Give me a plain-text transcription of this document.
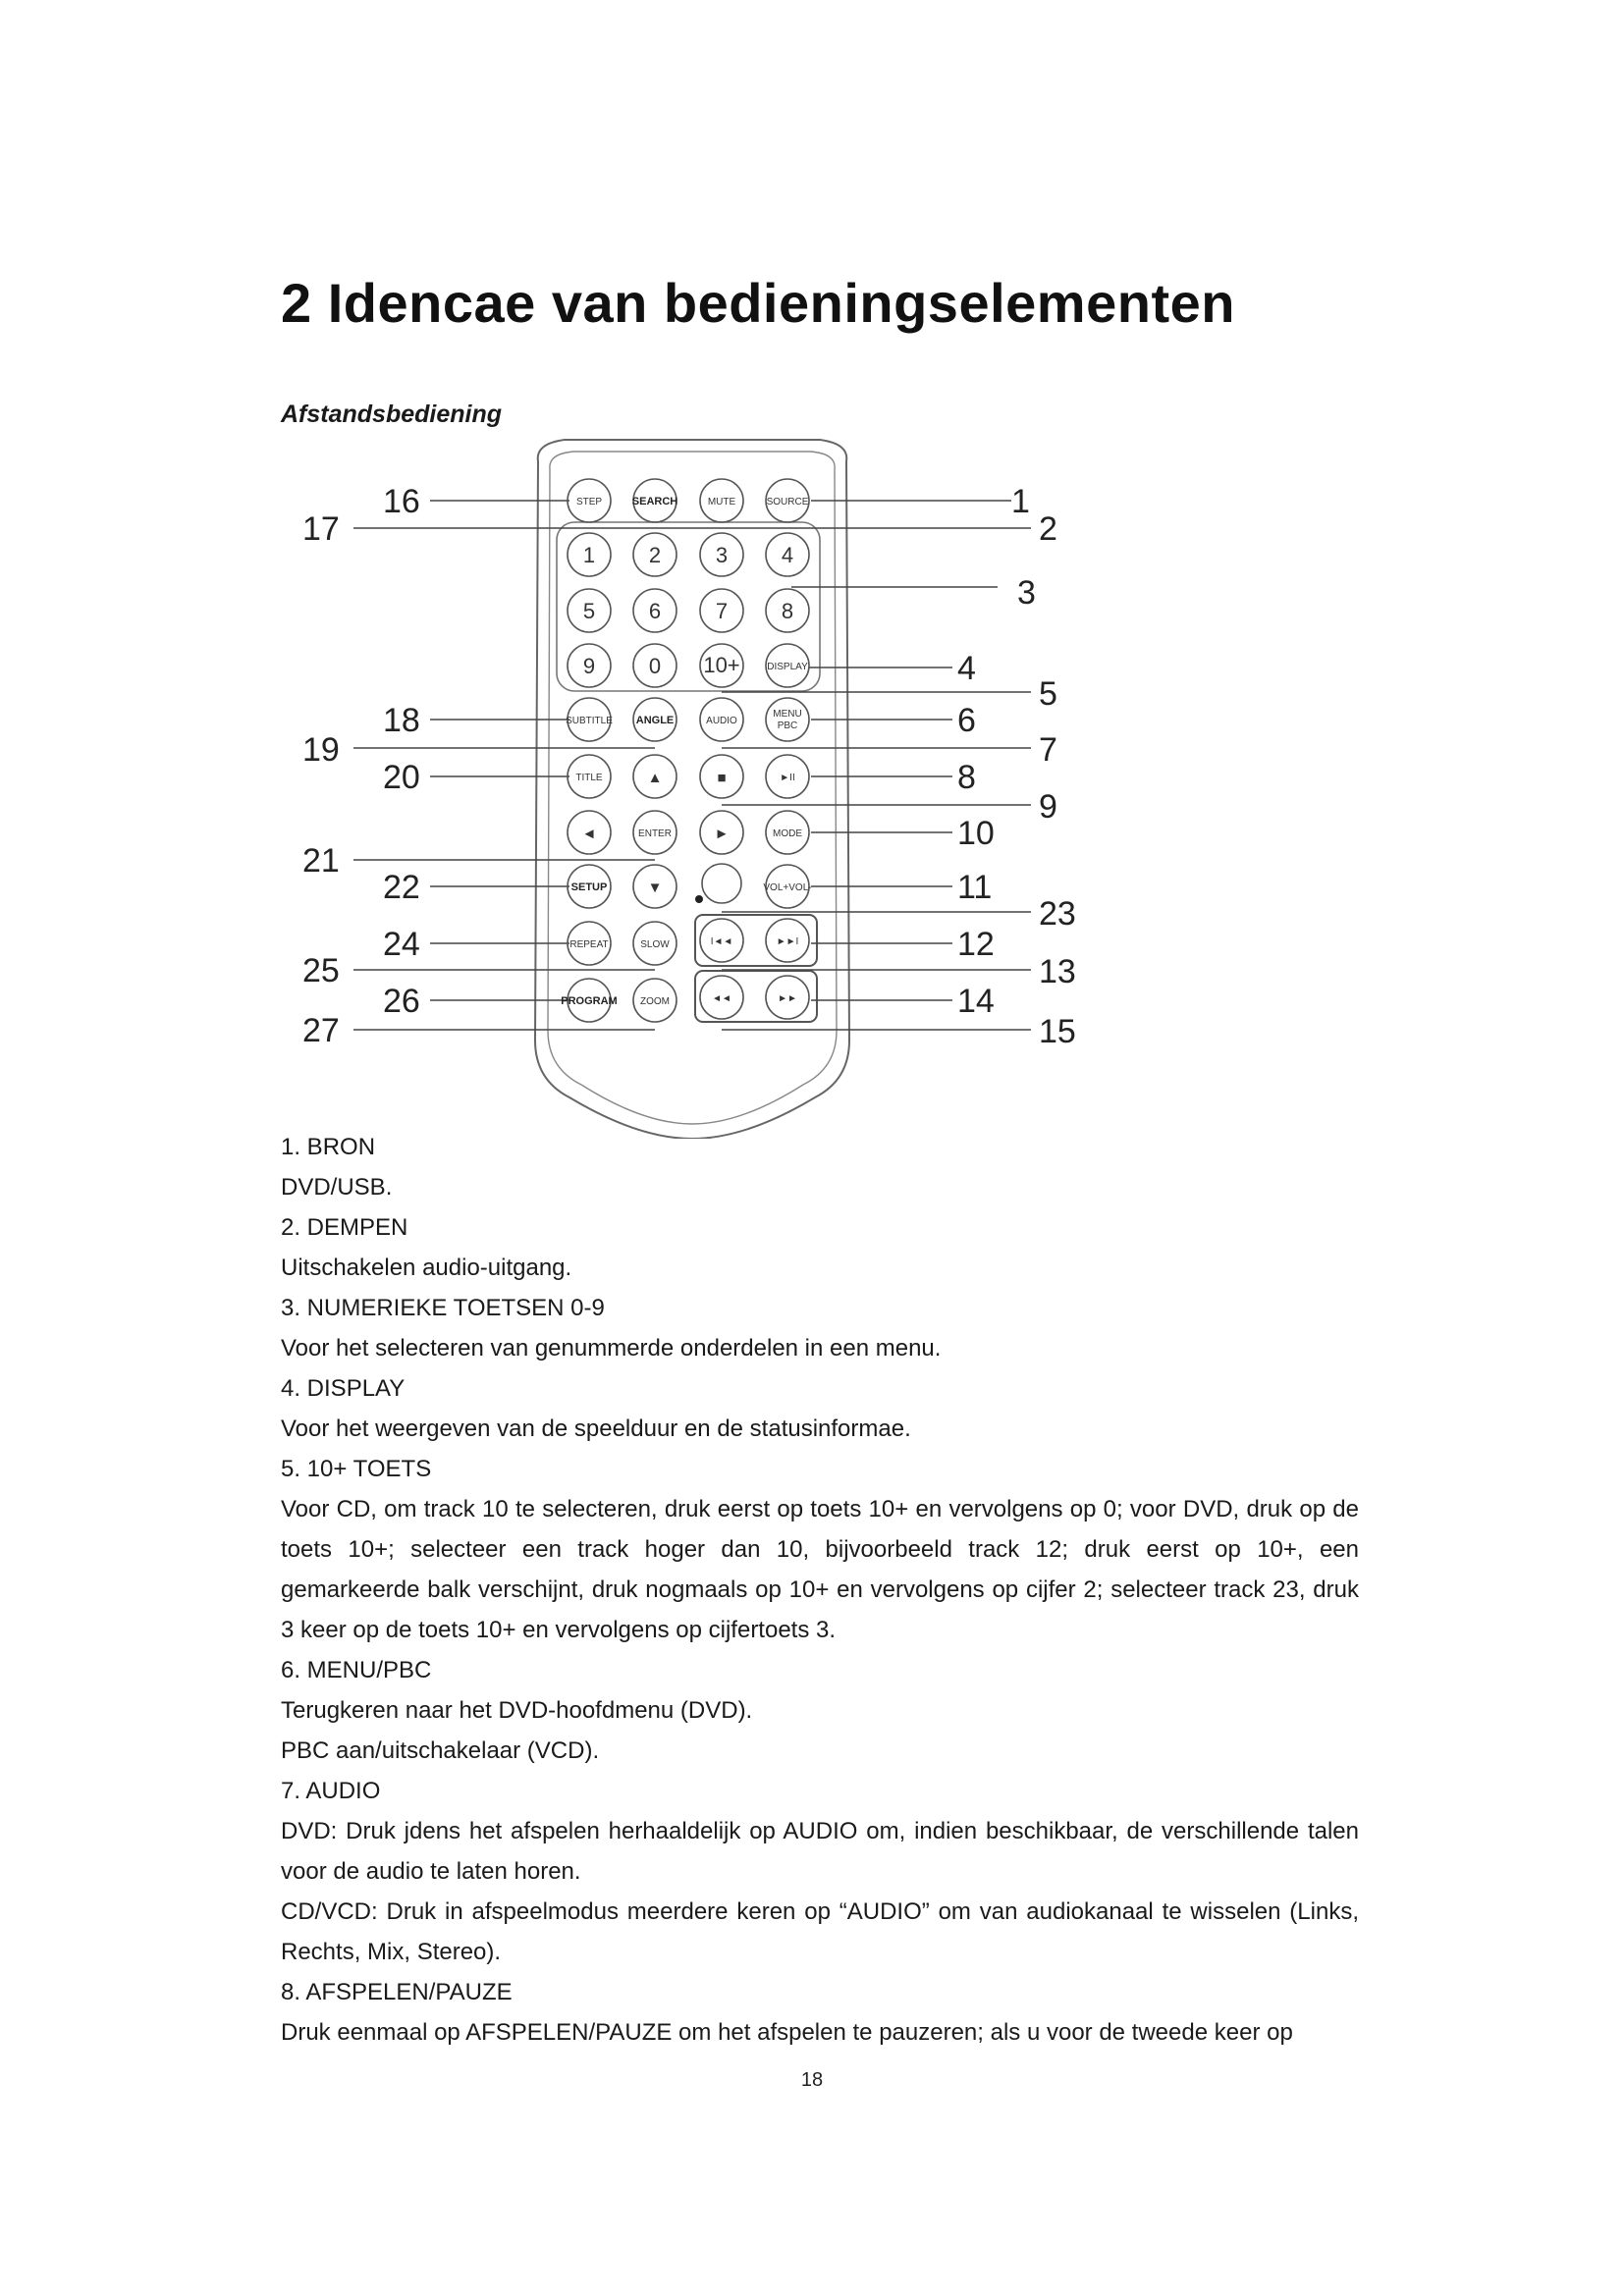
2 Idencae van bedieningselementen

Afstandsbediening

STEP	SEARCH	MUTE	SOURCE
1 2	3 4
5 6	7 8
9 0 10+	DISPLAY
SUBTITLE ANGLE	AUDIO
MENU
PBC
TITLE	▲	■	►II
◄	ENTER	►	MODE
SETUP	▼	VOL+VOL-
REPEAT	SLOW	I◄◄	►►I
PROGRAM ZOOM	◄◄	►►
16
17
18
19
20
21
22
24
25
26
27
1
2
3
4
5
6
7
8
9
10
11
23
12
13
14
15

1. BRON

DVD/USB.

2. DEMPEN

Uitschakelen audio-uitgang.

3. NUMERIEKE TOETSEN 0-9

Voor het selecteren van genummerde onderdelen in een menu.

4. DISPLAY

Voor het weergeven van de speelduur en de statusinformae.

5. 10+ TOETS

Voor CD, om track 10 te selecteren, druk eerst op toets 10+ en vervolgens op 0; voor DVD, druk op de toets 10+; selecteer een track hoger dan 10, bijvoorbeeld track 12; druk eerst op 10+, een gemarkeerde balk verschijnt, druk nogmaals op 10+ en vervolgens op cijfer 2; selecteer track 23, druk 3 keer op de toets 10+ en vervolgens op cijfertoets 3.

6. MENU/PBC

Terugkeren naar het DVD-hoofdmenu (DVD).

PBC aan/uitschakelaar (VCD).

7. AUDIO

DVD: Druk jdens het afspelen herhaaldelijk op AUDIO om, indien beschikbaar, de verschillende talen voor de audio te laten horen.

CD/VCD: Druk in afspeelmodus meerdere keren op “AUDIO” om van audiokanaal te wisselen (Links, Rechts, Mix, Stereo).

8. AFSPELEN/PAUZE

Druk eenmaal op AFSPELEN/PAUZE om het afspelen te pauzeren; als u voor de tweede keer op

18
